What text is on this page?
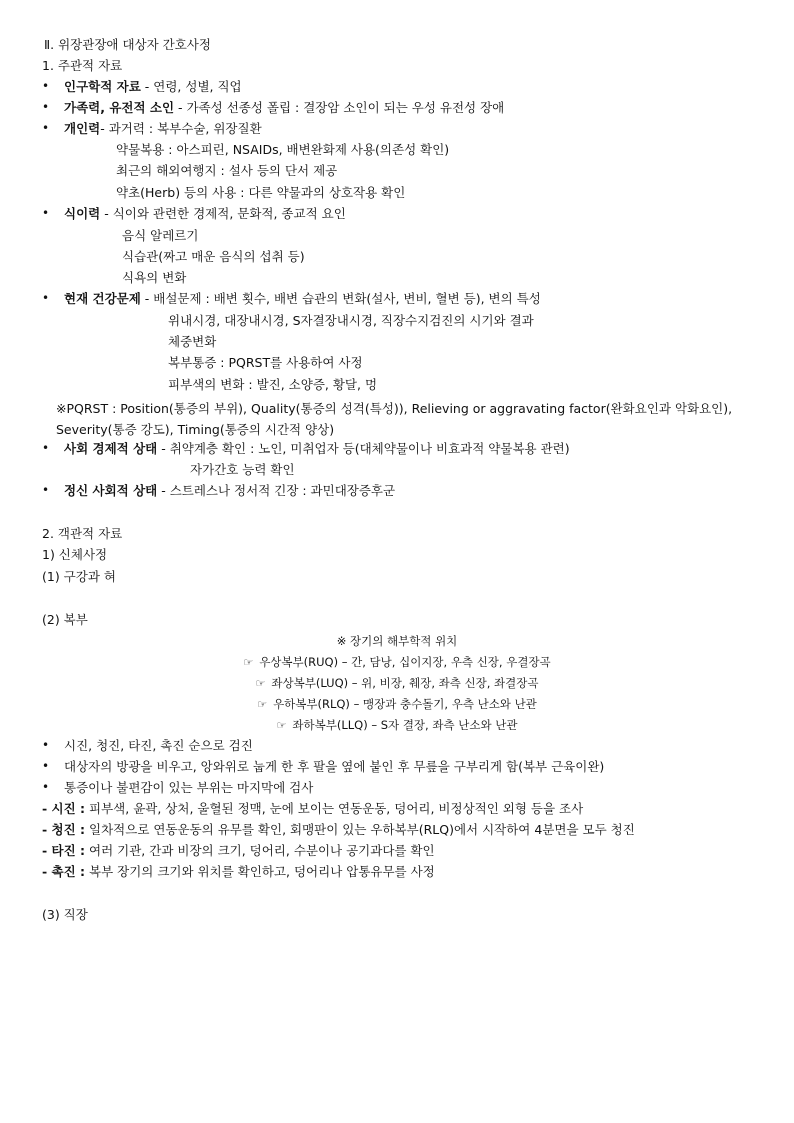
Ⅱ. 위장관장애 대상자 간호사정
1. 주관적 자료
• 인구학적 자료 - 연령, 성별, 직업
• 가족력, 유전적 소인 - 가족성 선종성 폴립 : 결장암 소인이 되는 우성 유전성 장애
• 개인력- 과거력 : 복부수술, 위장질환
약물복용 : 아스피린, NSAIDs, 배변완화제 사용(의존성 확인)
최근의 해외여행지 : 설사 등의 단서 제공
약초(Herb) 등의 사용 : 다른 약물과의 상호작용 확인
• 식이력 - 식이와 관련한 경제적, 문화적, 종교적 요인
음식 알레르기
식습관(짜고 매운 음식의 섭취 등)
식욕의 변화
• 현재 건강문제 - 배설문제 : 배변 횟수, 배변 습관의 변화(설사, 변비, 혈변 등), 변의 특성
위내시경, 대장내시경, S자결장내시경, 직장수지검진의 시기와 결과
체중변화
복부통증 : PQRST를 사용하여 사정
피부색의 변화 : 발진, 소양증, 황달, 멍
※PQRST : Position(통증의 부위), Quality(통증의 성격(특성)), Relieving or aggravating factor(완화요인과 악화요인), Severity(통증 강도), Timing(통증의 시간적 양상)
• 사회 경제적 상태 - 취약계층 확인 : 노인, 미취업자 등(대체약물이나 비효과적 약물복용 관련)
자가간호 능력 확인
• 정신 사회적 상태 - 스트레스나 정서적 긴장 : 과민대장증후군
2. 객관적 자료
1) 신체사정
(1) 구강과 혀
(2) 복부
※ 장기의 해부학적 위치
☞ 우상복부(RUQ) – 간, 담낭, 십이지장, 우측 신장, 우결장곡
☞ 좌상복부(LUQ) – 위, 비장, 췌장, 좌측 신장, 좌결장곡
☞ 우하복부(RLQ) – 맹장과 충수돌기, 우측 난소와 난관
☞ 좌하복부(LLQ) – S자 결장, 좌측 난소와 난관
• 시진, 청진, 타진, 촉진 순으로 검진
• 대상자의 방광을 비우고, 앙와위로 눕게 한 후 팔을 옆에 붙인 후 무릎을 구부리게 함(복부 근육이완)
• 통증이나 불편감이 있는 부위는 마지막에 검사
- 시진 : 피부색, 윤곽, 상처, 울혈된 정맥, 눈에 보이는 연동운동, 덩어리, 비정상적인 외형 등을 조사
- 청진 : 일차적으로 연동운동의 유무를 확인, 회맹판이 있는 우하복부(RLQ)에서 시작하여 4분면을 모두 청진
- 타진 : 여러 기관, 간과 비장의 크기, 덩어리, 수분이나 공기과다를 확인
- 촉진 : 복부 장기의 크기와 위치를 확인하고, 덩어리나 압통유무를 사정
(3) 직장
